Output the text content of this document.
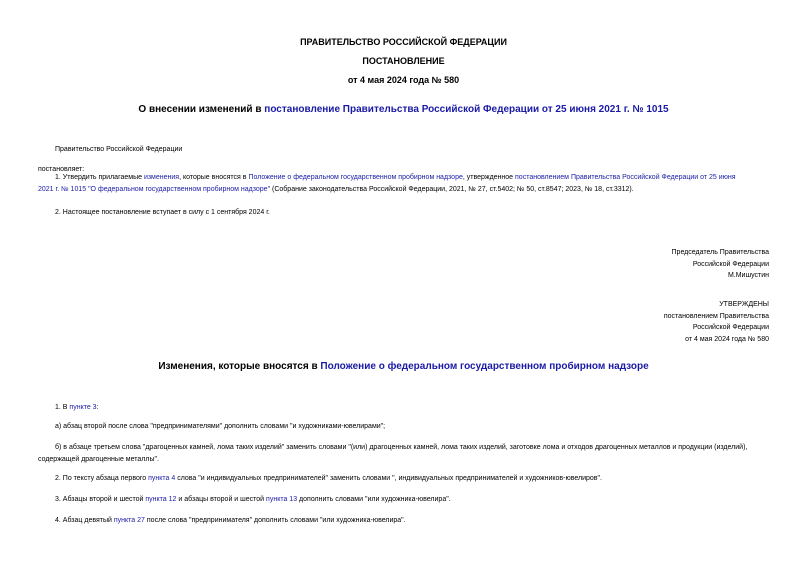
ПРАВИТЕЛЬСТВО РОССИЙСКОЙ ФЕДЕРАЦИИ
ПОСТАНОВЛЕНИЕ
от 4 мая 2024 года № 580
О внесении изменений в постановление Правительства Российской Федерации от 25 июня 2021 г. № 1015
Правительство Российской Федерации
постановляет:
1. Утвердить прилагаемые изменения, которые вносятся в Положение о федеральном государственном пробирном надзоре, утвержденное постановлением Правительства Российской Федерации от 25 июня
2021 г. № 1015 "О федеральном государственном пробирном надзоре" (Собрание законодательства Российской Федерации, 2021, № 27, ст.5402; № 50, ст.8547; 2023, № 18, ст.3312).
2. Настоящее постановление вступает в силу с 1 сентября 2024 г.
Председатель Правительства
Российской Федерации
М.Мишустин
УТВЕРЖДЕНЫ
постановлением Правительства
Российской Федерации
от 4 мая 2024 года № 580
Изменения, которые вносятся в Положение о федеральном государственном пробирном надзоре
1. В пункте 3:
а) абзац второй после слова "предпринимателями" дополнить словами "и художниками-ювелирами";
б) в абзаце третьем слова "драгоценных камней, лома таких изделий" заменить словами "(или) драгоценных камней, лома таких изделий, заготовке лома и отходов драгоценных металлов и продукции (изделий),
содержащей драгоценные металлы".
2. По тексту абзаца первого пункта 4 слова "и индивидуальных предпринимателей" заменить словами ", индивидуальных предпринимателей и художников-ювелиров".
3. Абзацы второй и шестой пункта 12 и абзацы второй и шестой пункта 13 дополнить словами "или художника-ювелира".
4. Абзац девятый пункта 27 после слова "предпринимателя" дополнить словами "или художника-ювелира".
